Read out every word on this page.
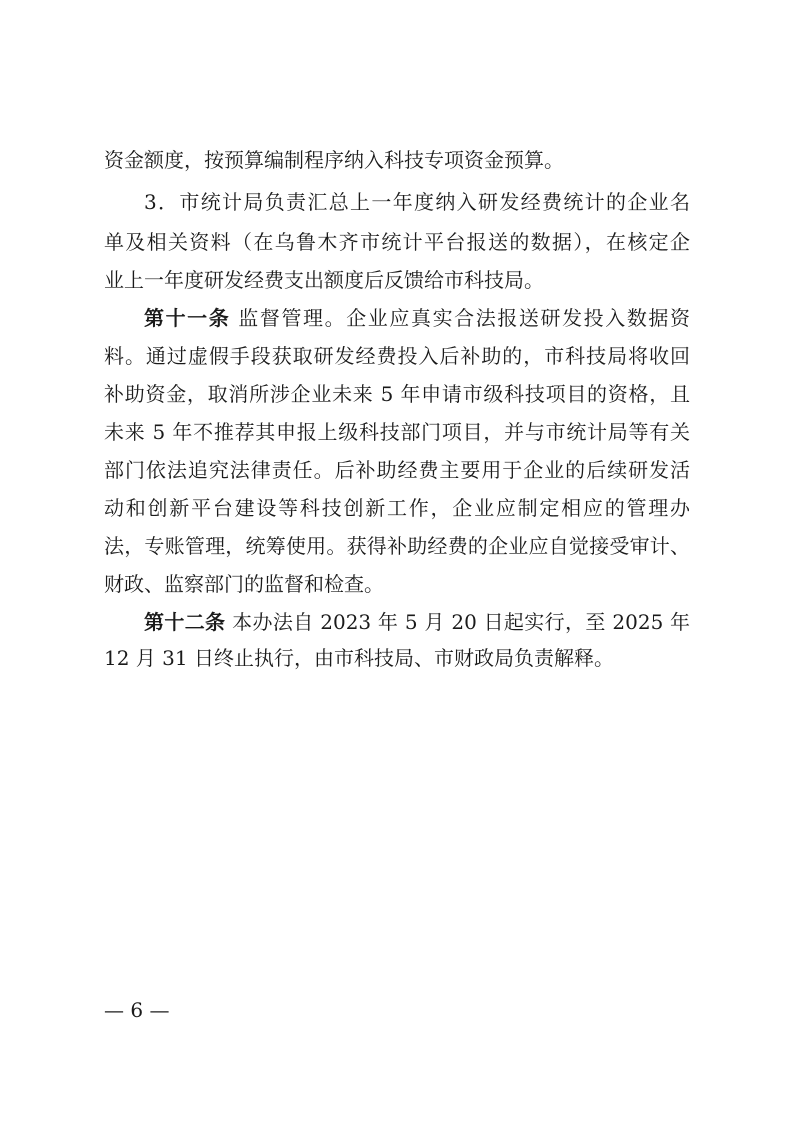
资金额度，按预算编制程序纳入科技专项资金预算。
3．市统计局负责汇总上一年度纳入研发经费统计的企业名
单及相关资料（在乌鲁木齐市统计平台报送的数据），在核定企
业上一年度研发经费支出额度后反馈给市科技局。
第十一条 监督管理。企业应真实合法报送研发投入数据资
料。通过虚假手段获取研发经费投入后补助的，市科技局将收回
补助资金，取消所涉企业未来 5 年申请市级科技项目的资格，且
未来 5 年不推荐其申报上级科技部门项目，并与市统计局等有关
部门依法追究法律责任。后补助经费主要用于企业的后续研发活
动和创新平台建设等科技创新工作，企业应制定相应的管理办
法，专账管理，统筹使用。获得补助经费的企业应自觉接受审计、
财政、监察部门的监督和检查。
第十二条 本办法自 2023 年 5 月 20 日起实行，至 2025 年
12 月 31 日终止执行，由市科技局、市财政局负责解释。
— 6 —
